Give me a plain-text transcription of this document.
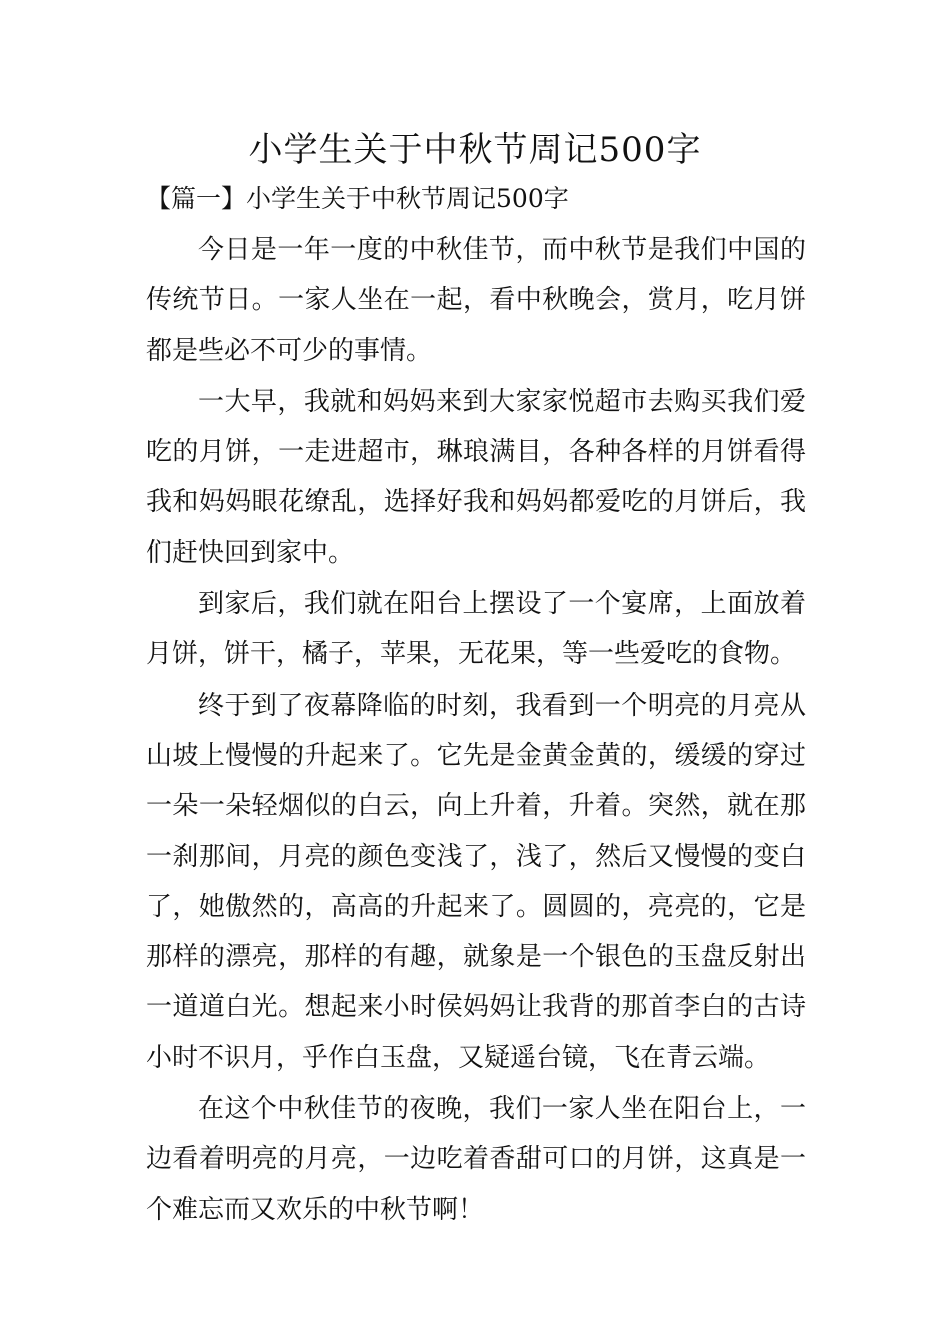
小学生关于中秋节周记500字
【篇一】小学生关于中秋节周记500字

今日是一年一度的中秋佳节，而中秋节是我们中国的传统节日。一家人坐在一起，看中秋晚会，赏月，吃月饼都是些必不可少的事情。

一大早，我就和妈妈来到大家家悦超市去购买我们爱吃的月饼，一走进超市，琳琅满目，各种各样的月饼看得我和妈妈眼花缭乱，选择好我和妈妈都爱吃的月饼后，我们赶快回到家中。

到家后，我们就在阳台上摆设了一个宴席，上面放着月饼，饼干，橘子，苹果，无花果，等一些爱吃的食物。

终于到了夜幕降临的时刻，我看到一个明亮的月亮从山坡上慢慢的升起来了。它先是金黄金黄的，缓缓的穿过一朵一朵轻烟似的白云，向上升着，升着。突然，就在那一刹那间，月亮的颜色变浅了，浅了，然后又慢慢的变白了，她傲然的，高高的升起来了。圆圆的，亮亮的，它是那样的漂亮，那样的有趣，就象是一个银色的玉盘反射出一道道白光。想起来小时侯妈妈让我背的那首李白的古诗小时不识月，乎作白玉盘，又疑遥台镜，飞在青云端。

在这个中秋佳节的夜晚，我们一家人坐在阳台上，一边看着明亮的月亮，一边吃着香甜可口的月饼，这真是一个难忘而又欢乐的中秋节啊！
